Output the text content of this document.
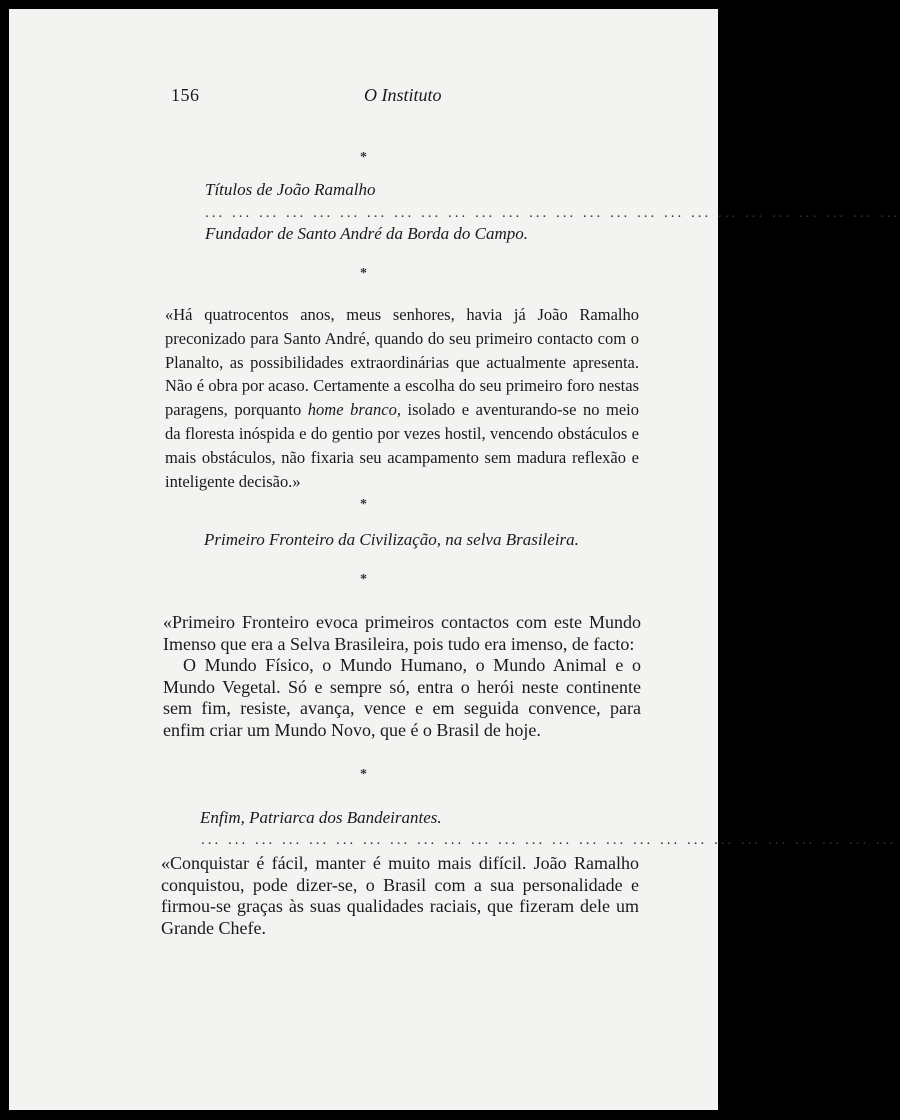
156	O Instituto
*
Títulos de João Ramalho
... ... ... ... ... ... ... ... ... ... ... ... ... ... ... ... ... ... ... ... ... ... ... ... ... ...
Fundador de Santo André da Borda do Campo.
*

«Há quatrocentos anos, meus senhores, havia já João Ramalho preconizado para Santo André, quando do seu primeiro contacto com o Planalto, as possibilidades extraordinárias que actualmente apresenta. Não é obra por acaso. Certamente a escolha do seu primeiro foro nestas paragens, porquanto home branco, isolado e aventurando-se no meio da floresta inóspida e do gentio por vezes hostil, vencendo obstáculos e mais obstáculos, não fixaria seu acampamento sem madura reflexão e inteligente decisão.»

*
Primeiro Fronteiro da Civilização, na selva Brasileira.
*

«Primeiro Fronteiro evoca primeiros contactos com este Mundo Imenso que era a Selva Brasileira, pois tudo era imenso, de facto:
O Mundo Físico, o Mundo Humano, o Mundo Animal e o Mundo Vegetal. Só e sempre só, entra o herói neste continente sem fim, resiste, avança, vence e em seguida convence, para enfim criar um Mundo Novo, que é o Brasil de hoje.

*
Enfim, Patriarca dos Bandeirantes.
... ... ... ... ... ... ... ... ... ... ... ... ... ... ... ... ... ... ... ... ... ... ... ... ... ...

«Conquistar é fácil, manter é muito mais difícil. João Ramalho conquistou, pode dizer-se, o Brasil com a sua personalidade e firmou-se graças às suas qualidades raciais, que fizeram dele um Grande Chefe.
